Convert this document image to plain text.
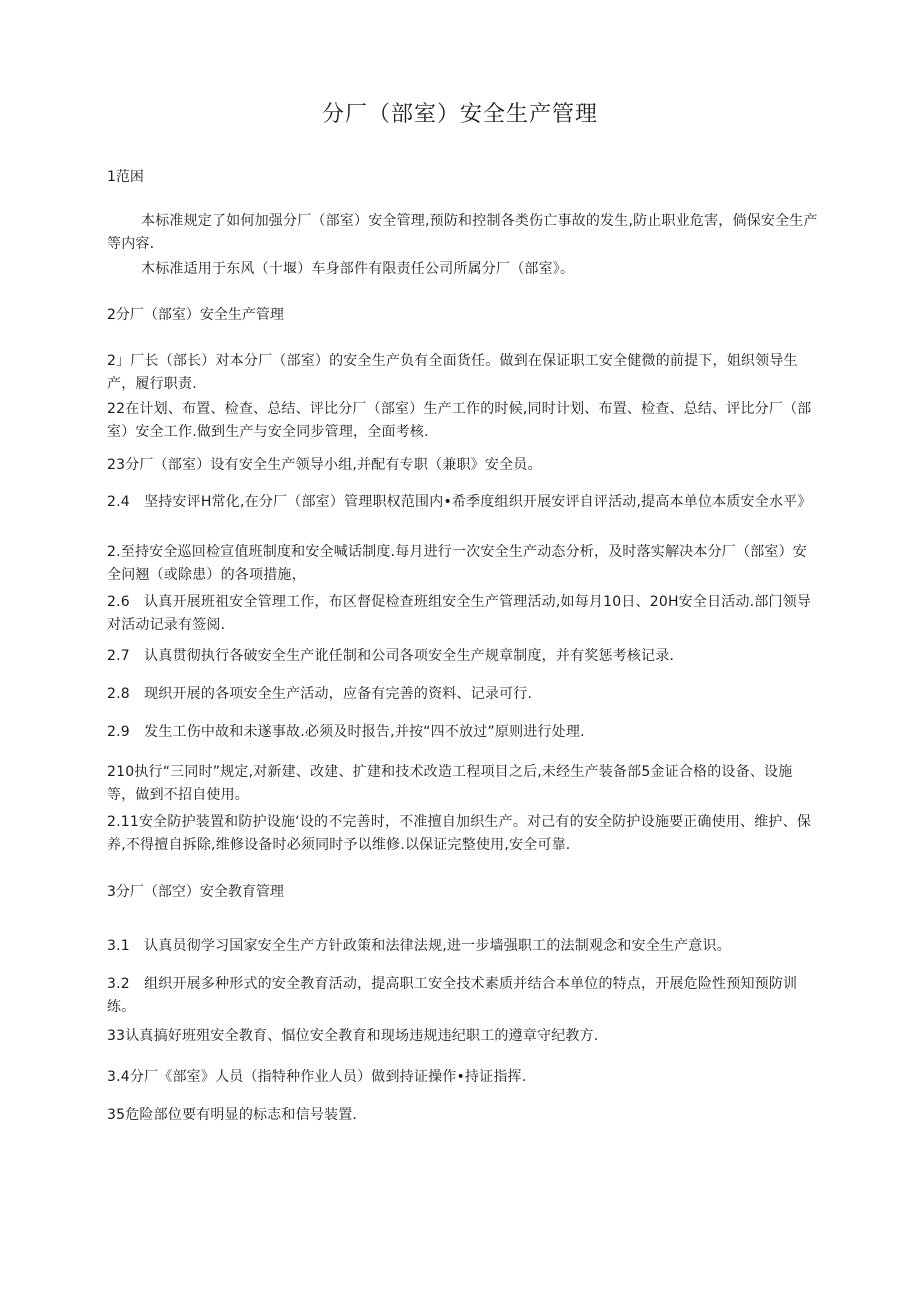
分厂（部室）安全生产管理
1范困
本标准规定了如何加强分厂（部室）安全管理,预防和控制各类伤亡事故的发生,防止职业危害，倘保安全生产等内容.
木标准适用于东风（十堰）车身部件有限责任公司所属分厂（部室》。
2分厂（部室）安全生产管理
2」厂长（部长）对本分厂（部室）的安全生产负有全面货任。做到在保证职工安全健微的前提下，姐织领导生产，履行职责.
22在计划、布置、检查、总结、评比分厂（部室）生产工作的时候,同时计划、布置、检查、总结、评比分厂（部室）安全工作.做到生产与安全同步管理，全面考核.
23分厂（部室）设有安全生产领导小组,并配有专职（兼职》安全员。
2.4　坚持安评H常化,在分厂（部室）管理职权范围内•希季度组织开展安评自评活动,提高本单位本质安全水平》
2.至持安全巡回检宣值班制度和安全喊话制度.每月进行一次安全生产动态分析，及时落实解决本分厂（部室）安全问翘（或除患）的各项措施，
2.6　认真开展班祖安全管理工作，布区督促检查班组安全生产管理活动,如每月10日、20H安全日活动.部门领导对活动记录有签阅.
2.7　认真贯彻执行各破安全生产讹任制和公司各项安全生产规章制度，并有奖惩考核记录.
2.8　现织开展的各项安全生产活动，应备有完善的资料、记录可行.
2.9　发生工伤中故和未遂事故.必须及时报告,并按“四不放过”原则进行处理.
210执行“三同时”规定,对新建、改建、扩建和技术改造工程项目之后,未经生产装备部5金证合格的设备、设施等，做到不招自使用。
2.11安全防护装置和防护设施‘设的不完善时，不准擅自加织生产。对己有的安全防护设施要正确使用、维护、保养,不得擅自拆除,维修设备时必须同时予以维修.以保证完整使用,安全可靠.
3分厂（部空）安全教育管理
3.1　认真员彻学习国家安全生产方针政策和法律法规,进一步墙强职工的法制观念和安全生产意识。
3.2　组织开展多种形式的安全教育活动，提高职工安全技术素质并结合本单位的特点，开展危险性预知预防训练。
33认真搞好班殂安全教育、愊位安全教育和现场违规违纪职工的遵章守纪教方.
3.4分厂《部室》人员（指特种作业人员）做到持证操作•持证指挥.
35危险部位要有明显的标志和信号装置.
